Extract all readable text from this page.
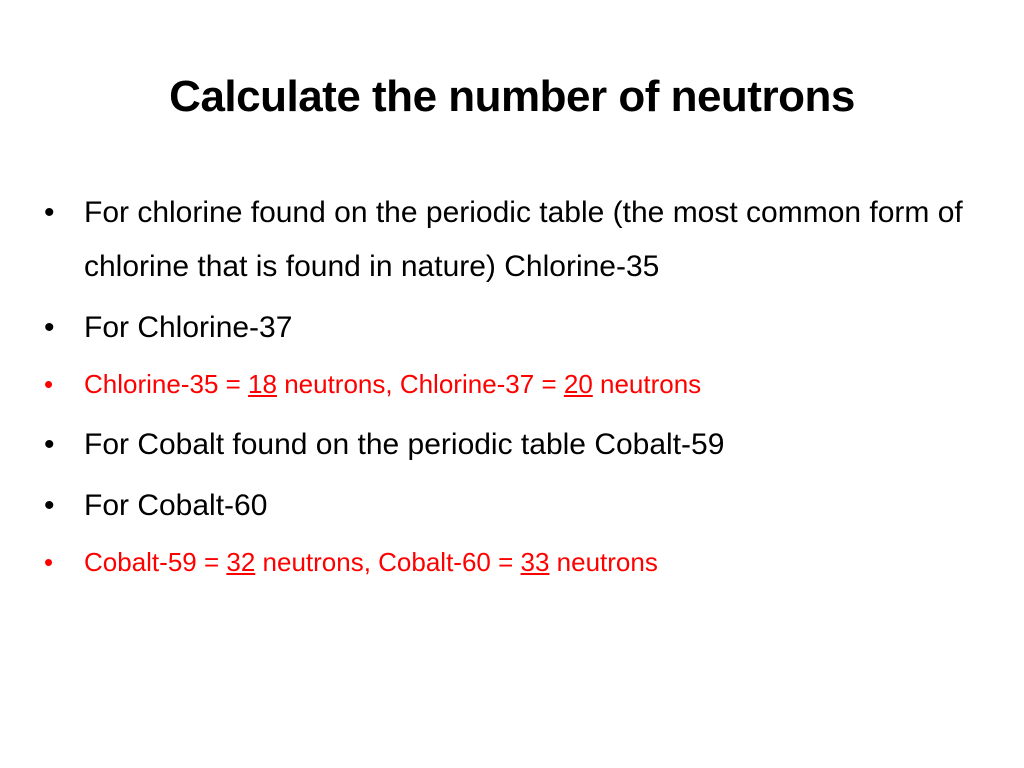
Calculate the number of neutrons
• For chlorine found on the periodic table (the most common form of chlorine that is found in nature) Chlorine-35
• For Chlorine-37
•	Chlorine-35 = 18 neutrons, Chlorine-37 = 20 neutrons
• For Cobalt found on the periodic table Cobalt-59
• For Cobalt-60
•	Cobalt-59 = 32 neutrons, Cobalt-60 = 33 neutrons
